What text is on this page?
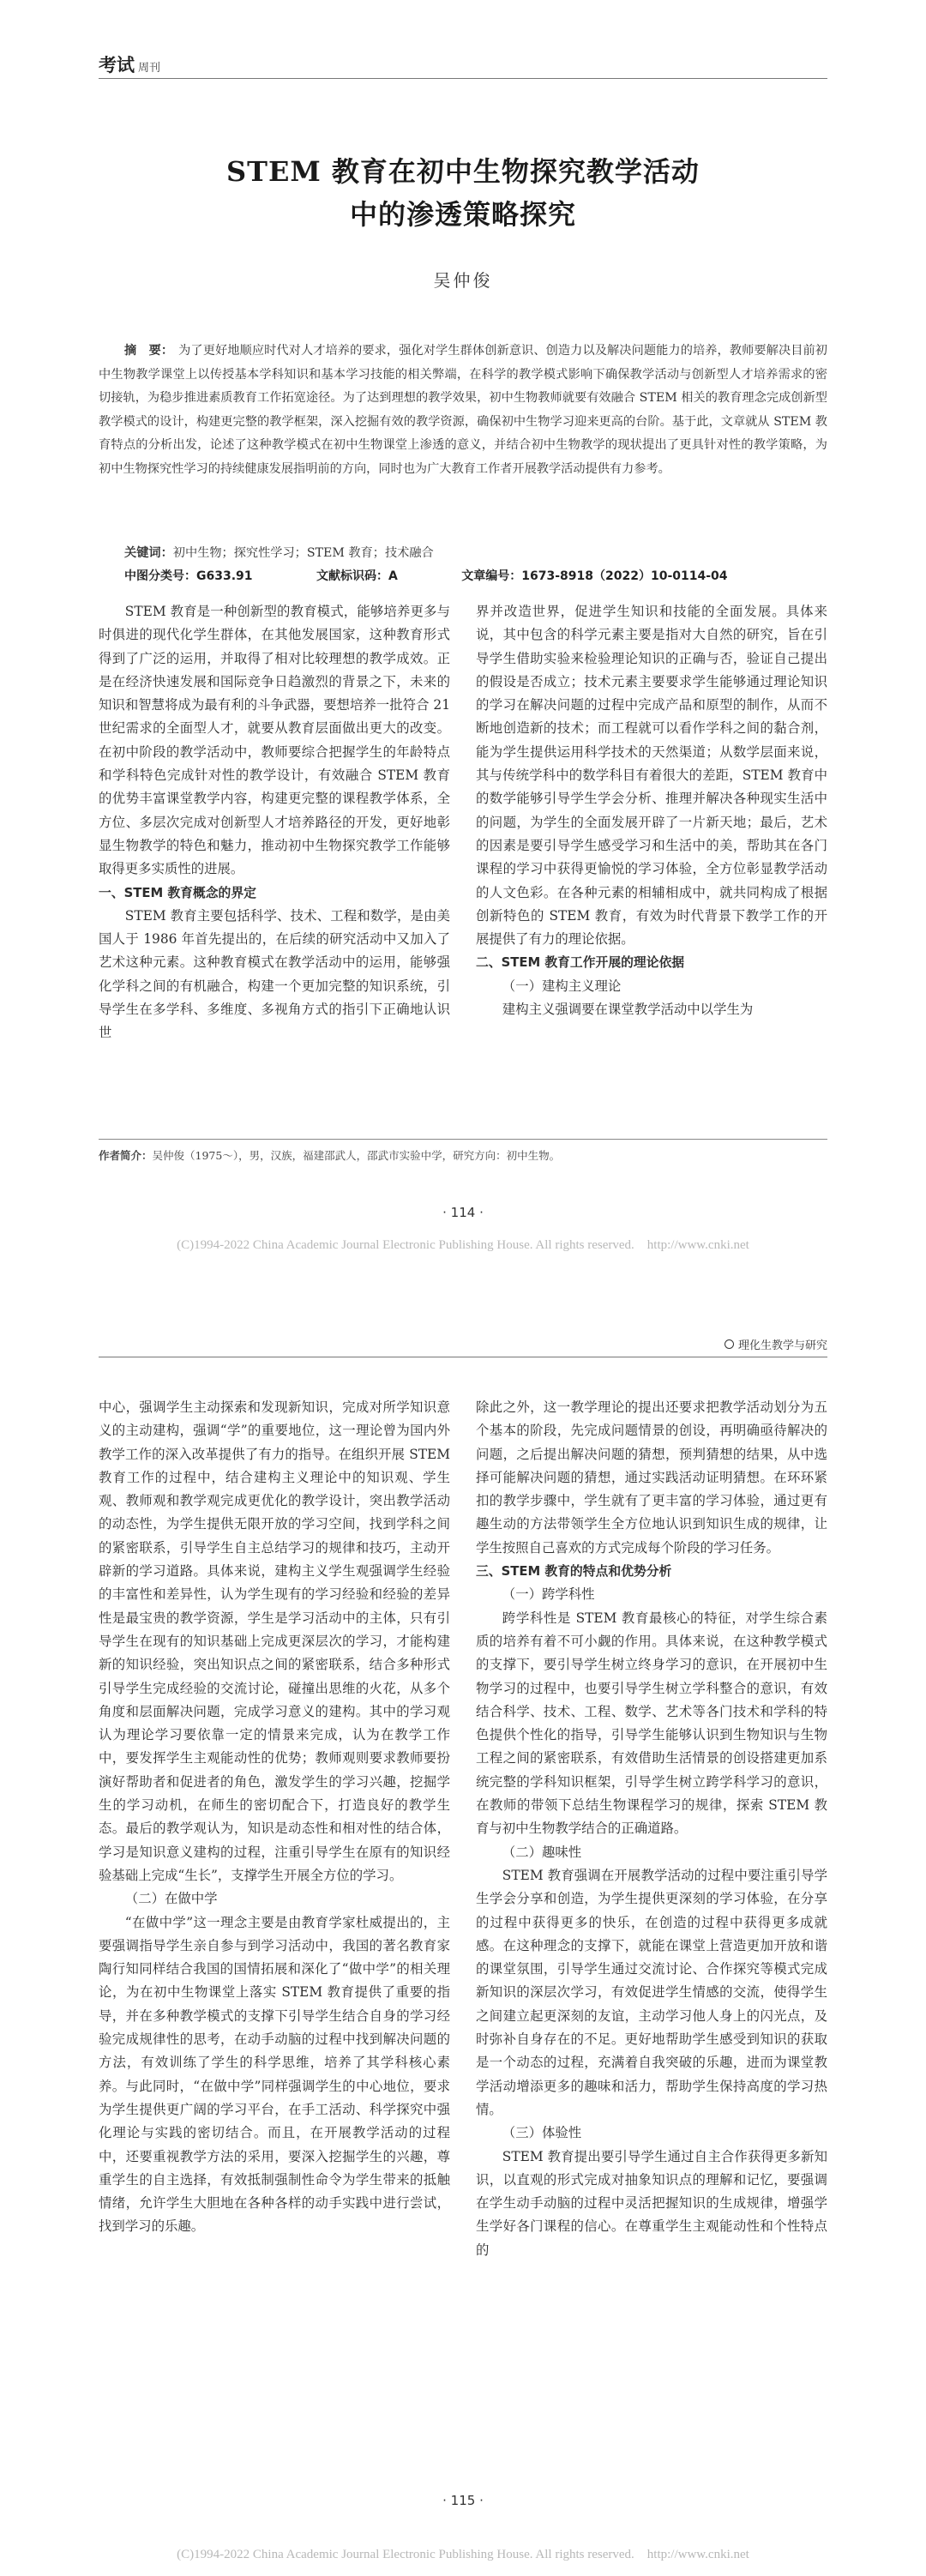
考试 周刊
STEM 教育在初中生物探究教学活动
中的渗透策略探究
吴仲俊
摘　要： 为了更好地顺应时代对人才培养的要求，强化对学生群体创新意识、创造力以及解决问题能力的培养，教师要解决目前初中生物教学课堂上以传授基本学科知识和基本学习技能的相关弊端，在科学的教学模式影响下确保教学活动与创新型人才培养需求的密切接轨，为稳步推进素质教育工作拓宽途径。为了达到理想的教学效果，初中生物教师就要有效融合 STEM 相关的教育理念完成创新型教学模式的设计，构建更完整的教学框架，深入挖掘有效的教学资源，确保初中生物学习迎来更高的台阶。基于此，文章就从 STEM 教育特点的分析出发，论述了这种教学模式在初中生物课堂上渗透的意义，并结合初中生物教学的现状提出了更具针对性的教学策略，为初中生物探究性学习的持续健康发展指明前的方向，同时也为广大教育工作者开展教学活动提供有力参考。
关键词：初中生物；探究性学习；STEM 教育；技术融合
中图分类号：G633.91	文献标识码：A	文章编号：1673-8918（2022）10-0114-04

STEM 教育是一种创新型的教育模式，能够培养更多与时俱进的现代化学生群体，在其他发展国家，这种教育形式得到了广泛的运用，并取得了相对比较理想的教学成效。正是在经济快速发展和国际竞争日趋激烈的背景之下，未来的知识和智慧将成为最有利的斗争武器，要想培养一批符合 21 世纪需求的全面型人才，就要从教育层面做出更大的改变。在初中阶段的教学活动中，教师要综合把握学生的年龄特点和学科特色完成针对性的教学设计，有效融合 STEM 教育的优势丰富课堂教学内容，构建更完整的课程教学体系，全方位、多层次完成对创新型人才培养路径的开发，更好地彰显生物教学的特色和魅力，推动初中生物探究教学工作能够取得更多实质性的进展。

一、STEM 教育概念的界定

STEM 教育主要包括科学、技术、工程和数学，是由美国人于 1986 年首先提出的，在后续的研究活动中又加入了艺术这种元素。这种教育模式在教学活动中的运用，能够强化学科之间的有机融合，构建一个更加完整的知识系统，引导学生在多学科、多维度、多视角方式的指引下正确地认识世

界并改造世界，促进学生知识和技能的全面发展。具体来说，其中包含的科学元素主要是指对大自然的研究，旨在引导学生借助实验来检验理论知识的正确与否，验证自己提出的假设是否成立；技术元素主要要求学生能够通过理论知识的学习在解决问题的过程中完成产品和原型的制作，从而不断地创造新的技术；而工程就可以看作学科之间的黏合剂，能为学生提供运用科学技术的天然渠道；从数学层面来说，其与传统学科中的数学科目有着很大的差距，STEM 教育中的数学能够引导学生学会分析、推理并解决各种现实生活中的问题，为学生的全面发展开辟了一片新天地；最后，艺术的因素是要引导学生感受学习和生活中的美，帮助其在各门课程的学习中获得更愉悦的学习体验，全方位彰显教学活动的人文色彩。在各种元素的相辅相成中，就共同构成了根据创新特色的 STEM 教育，有效为时代背景下教学工作的开展提供了有力的理论依据。

二、STEM 教育工作开展的理论依据

（一）建构主义理论

建构主义强调要在课堂教学活动中以学生为

作者简介：吴仲俊（1975～），男，汉族，福建邵武人，邵武市实验中学，研究方向：初中生物。
· 114 ·
(C)1994-2022 China Academic Journal Electronic Publishing House. All rights reserved.　http://www.cnki.net
理化生教学与研究

中心，强调学生主动探索和发现新知识，完成对所学知识意义的主动建构，强调“学”的重要地位，这一理论曾为国内外教学工作的深入改革提供了有力的指导。在组织开展 STEM 教育工作的过程中，结合建构主义理论中的知识观、学生观、教师观和教学观完成更优化的教学设计，突出教学活动的动态性，为学生提供无限开放的学习空间，找到学科之间的紧密联系，引导学生自主总结学习的规律和技巧，主动开辟新的学习道路。具体来说，建构主义学生观强调学生经验的丰富性和差异性，认为学生现有的学习经验和经验的差异性是最宝贵的教学资源，学生是学习活动中的主体，只有引导学生在现有的知识基础上完成更深层次的学习，才能构建新的知识经验，突出知识点之间的紧密联系，结合多种形式引导学生完成经验的交流讨论，碰撞出思维的火花，从多个角度和层面解决问题，完成学习意义的建构。其中的学习观认为理论学习要依靠一定的情景来完成，认为在教学工作中，要发挥学生主观能动性的优势；教师观则要求教师要扮演好帮助者和促进者的角色，激发学生的学习兴趣，挖掘学生的学习动机，在师生的密切配合下，打造良好的教学生态。最后的教学观认为，知识是动态性和相对性的结合体，学习是知识意义建构的过程，注重引导学生在原有的知识经验基础上完成“生长”，支撑学生开展全方位的学习。

（二）在做中学

“在做中学”这一理念主要是由教育学家杜威提出的，主要强调指导学生亲自参与到学习活动中，我国的著名教育家陶行知同样结合我国的国情拓展和深化了“做中学”的相关理论，为在初中生物课堂上落实 STEM 教育提供了重要的指导，并在多种教学模式的支撑下引导学生结合自身的学习经验完成规律性的思考，在动手动脑的过程中找到解决问题的方法，有效训练了学生的科学思维，培养了其学科核心素养。与此同时，“在做中学”同样强调学生的中心地位，要求为学生提供更广阔的学习平台，在手工活动、科学探究中强化理论与实践的密切结合。而且，在开展教学活动的过程中，还要重视教学方法的采用，要深入挖掘学生的兴趣，尊重学生的自主选择，有效抵制强制性命令为学生带来的抵触情绪，允许学生大胆地在各种各样的动手实践中进行尝试，找到学习的乐趣。

除此之外，这一教学理论的提出还要求把教学活动划分为五个基本的阶段，先完成问题情景的创设，再明确亟待解决的问题，之后提出解决问题的猜想，预判猜想的结果，从中选择可能解决问题的猜想，通过实践活动证明猜想。在环环紧扣的教学步骤中，学生就有了更丰富的学习体验，通过更有趣生动的方法带领学生全方位地认识到知识生成的规律，让学生按照自己喜欢的方式完成每个阶段的学习任务。

三、STEM 教育的特点和优势分析

（一）跨学科性

跨学科性是 STEM 教育最核心的特征，对学生综合素质的培养有着不可小觑的作用。具体来说，在这种教学模式的支撑下，要引导学生树立终身学习的意识，在开展初中生物学习的过程中，也要引导学生树立学科整合的意识，有效结合科学、技术、工程、数学、艺术等各门技术和学科的特色提供个性化的指导，引导学生能够认识到生物知识与生物工程之间的紧密联系，有效借助生活情景的创设搭建更加系统完整的学科知识框架，引导学生树立跨学科学习的意识，在教师的带领下总结生物课程学习的规律，探索 STEM 教育与初中生物教学结合的正确道路。

（二）趣味性

STEM 教育强调在开展教学活动的过程中要注重引导学生学会分享和创造，为学生提供更深刻的学习体验，在分享的过程中获得更多的快乐，在创造的过程中获得更多成就感。在这种理念的支撑下，就能在课堂上营造更加开放和谐的课堂氛围，引导学生通过交流讨论、合作探究等模式完成新知识的深层次学习，有效促进学生情感的交流，使得学生之间建立起更深刻的友谊，主动学习他人身上的闪光点，及时弥补自身存在的不足。更好地帮助学生感受到知识的获取是一个动态的过程，充满着自我突破的乐趣，进而为课堂教学活动增添更多的趣味和活力，帮助学生保持高度的学习热情。

（三）体验性

STEM 教育提出要引导学生通过自主合作获得更多新知识，以直观的形式完成对抽象知识点的理解和记忆，要强调在学生动手动脑的过程中灵活把握知识的生成规律，增强学生学好各门课程的信心。在尊重学生主观能动性和个性特点的

· 115 ·
(C)1994-2022 China Academic Journal Electronic Publishing House. All rights reserved.　http://www.cnki.net
